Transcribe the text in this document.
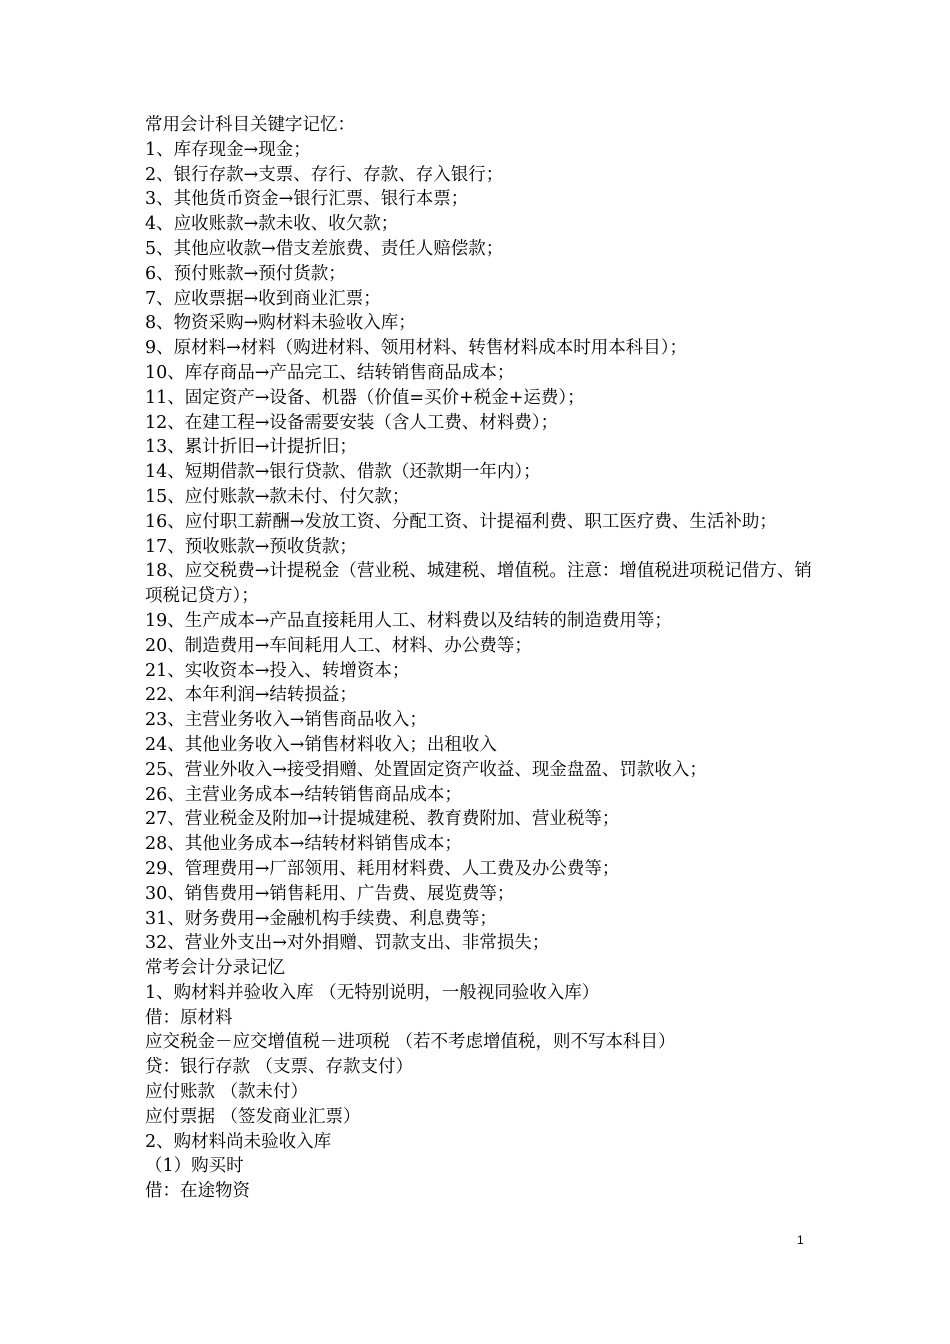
常用会计科目关键字记忆：
1、库存现金→现金；
2、银行存款→支票、存行、存款、存入银行；
3、其他货币资金→银行汇票、银行本票；
4、应收账款→款未收、收欠款；
5、其他应收款→借支差旅费、责任人赔偿款；
6、预付账款→预付货款；
7、应收票据→收到商业汇票；
8、物资采购→购材料未验收入库；
9、原材料→材料（购进材料、领用材料、转售材料成本时用本科目）；
10、库存商品→产品完工、结转销售商品成本；
11、固定资产→设备、机器（价值=买价+税金+运费）；
12、在建工程→设备需要安装（含人工费、材料费）；
13、累计折旧→计提折旧；
14、短期借款→银行贷款、借款（还款期一年内）；
15、应付账款→款未付、付欠款；
16、应付职工薪酬→发放工资、分配工资、计提福利费、职工医疗费、生活补助；
17、预收账款→预收货款；
18、应交税费→计提税金（营业税、城建税、增值税。注意：增值税进项税记借方、销项税记贷方）；
19、生产成本→产品直接耗用人工、材料费以及结转的制造费用等；
20、制造费用→车间耗用人工、材料、办公费等；
21、实收资本→投入、转增资本；
22、本年利润→结转损益；
23、主营业务收入→销售商品收入；
24、其他业务收入→销售材料收入；出租收入
25、营业外收入→接受捐赠、处置固定资产收益、现金盘盈、罚款收入；
26、主营业务成本→结转销售商品成本；
27、营业税金及附加→计提城建税、教育费附加、营业税等；
28、其他业务成本→结转材料销售成本；
29、管理费用→厂部领用、耗用材料费、人工费及办公费等；
30、销售费用→销售耗用、广告费、展览费等；
31、财务费用→金融机构手续费、利息费等；
32、营业外支出→对外捐赠、罚款支出、非常损失；
常考会计分录记忆
1、购材料并验收入库 （无特别说明，一般视同验收入库）
借：原材料
应交税金－应交增值税－进项税 （若不考虑增值税，则不写本科目）
贷：银行存款 （支票、存款支付）
应付账款 （款未付）
应付票据 （签发商业汇票）
2、购材料尚未验收入库
（1）购买时
借：在途物资
1
